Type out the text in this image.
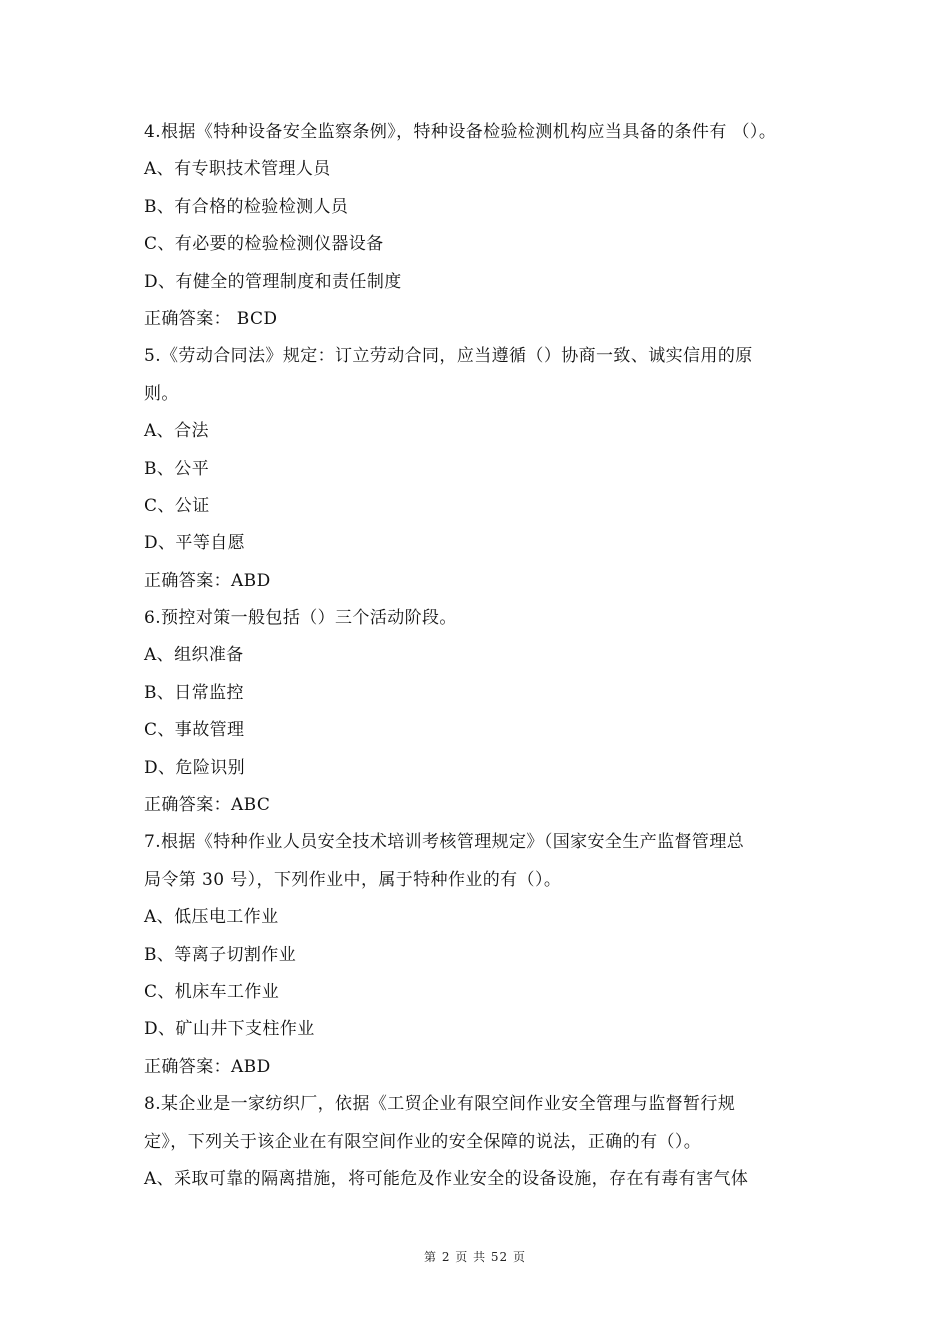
4.根据《特种设备安全监察条例》，特种设备检验检测机构应当具备的条件有 （）。
A、有专职技术管理人员
B、有合格的检验检测人员
C、有必要的检验检测仪器设备
D、有健全的管理制度和责任制度
正确答案： BCD
5.《劳动合同法》规定：订立劳动合同，应当遵循（）协商一致、诚实信用的原
则。
A、合法
B、公平
C、公证
D、平等自愿
正确答案：ABD
6.预控对策一般包括（）三个活动阶段。
A、组织准备
B、日常监控
C、事故管理
D、危险识别
正确答案：ABC
7.根据《特种作业人员安全技术培训考核管理规定》（国家安全生产监督管理总
局令第 30 号），下列作业中，属于特种作业的有（）。
A、低压电工作业
B、等离子切割作业
C、机床车工作业
D、矿山井下支柱作业
正确答案：ABD
8.某企业是一家纺织厂，依据《工贸企业有限空间作业安全管理与监督暂行规
定》，下列关于该企业在有限空间作业的安全保障的说法，正确的有（）。
A、采取可靠的隔离措施，将可能危及作业安全的设备设施，存在有毒有害气体
第 2 页 共 52 页
